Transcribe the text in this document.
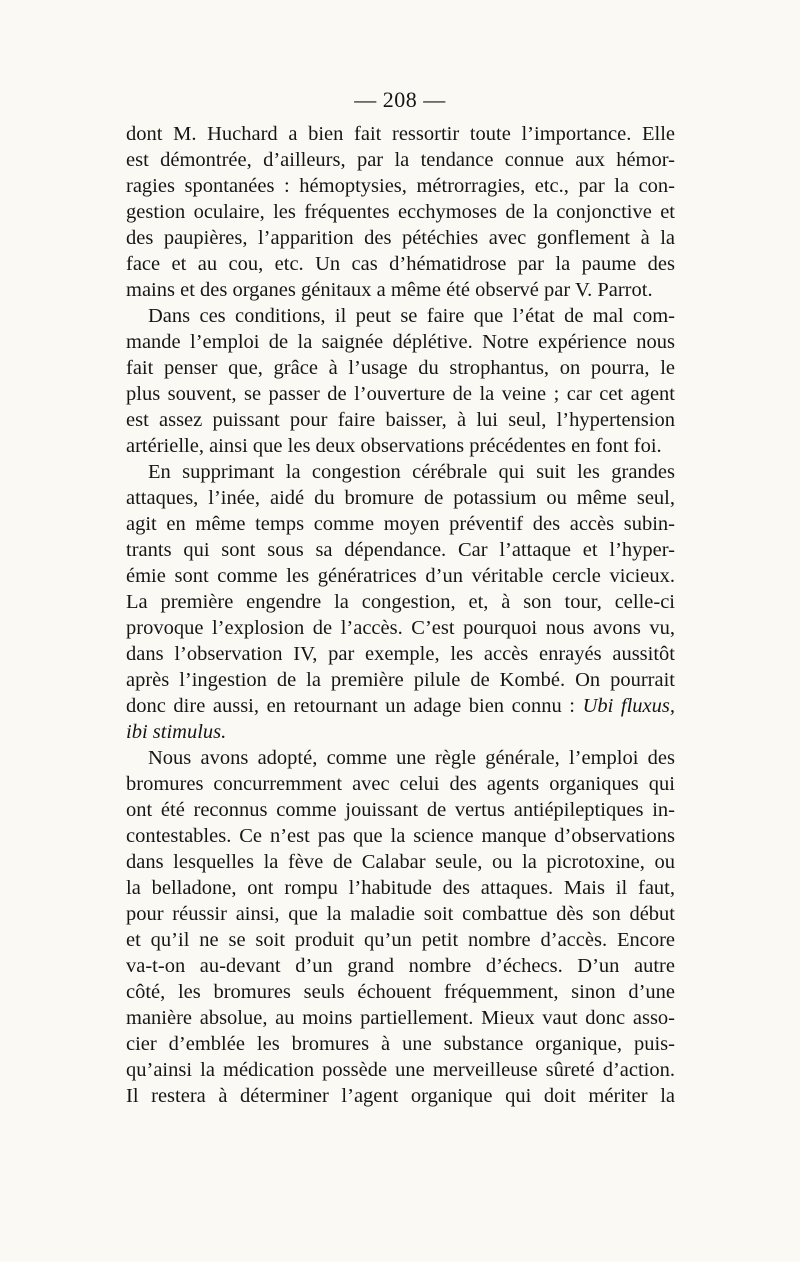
— 208 —
dont M. Huchard a bien fait ressortir toute l’importance. Elle
est démontrée, d’ailleurs, par la tendance connue aux hémor-
ragies spontanées : hémoptysies, métrorragies, etc., par la con-
gestion oculaire, les fréquentes ecchymoses de la conjonctive et
des paupières, l’apparition des pétéchies avec gonflement à la
face et au cou, etc. Un cas d’hématidrose par la paume des
mains et des organes génitaux a même été observé par V. Parrot.
Dans ces conditions, il peut se faire que l’état de mal com-
mande l’emploi de la saignée déplétive. Notre expérience nous
fait penser que, grâce à l’usage du strophantus, on pourra, le
plus souvent, se passer de l’ouverture de la veine ; car cet agent
est assez puissant pour faire baisser, à lui seul, l’hypertension
artérielle, ainsi que les deux observations précédentes en font foi.
En supprimant la congestion cérébrale qui suit les grandes
attaques, l’inée, aidé du bromure de potassium ou même seul,
agit en même temps comme moyen préventif des accès subin-
trants qui sont sous sa dépendance. Car l’attaque et l’hyper-
émie sont comme les génératrices d’un véritable cercle vicieux.
La première engendre la congestion, et, à son tour, celle-ci
provoque l’explosion de l’accès. C’est pourquoi nous avons vu,
dans l’observation IV, par exemple, les accès enrayés aussitôt
après l’ingestion de la première pilule de Kombé. On pourrait
donc dire aussi, en retournant un adage bien connu : Ubi fluxus,
ibi stimulus.
Nous avons adopté, comme une règle générale, l’emploi des
bromures concurremment avec celui des agents organiques qui
ont été reconnus comme jouissant de vertus antiépileptiques in-
contestables. Ce n’est pas que la science manque d’observations
dans lesquelles la fève de Calabar seule, ou la picrotoxine, ou
la belladone, ont rompu l’habitude des attaques. Mais il faut,
pour réussir ainsi, que la maladie soit combattue dès son début
et qu’il ne se soit produit qu’un petit nombre d’accès. Encore
va-t-on au-devant d’un grand nombre d’échecs. D’un autre
côté, les bromures seuls échouent fréquemment, sinon d’une
manière absolue, au moins partiellement. Mieux vaut donc asso-
cier d’emblée les bromures à une substance organique, puis-
qu’ainsi la médication possède une merveilleuse sûreté d’action.
Il restera à déterminer l’agent organique qui doit mériter la
